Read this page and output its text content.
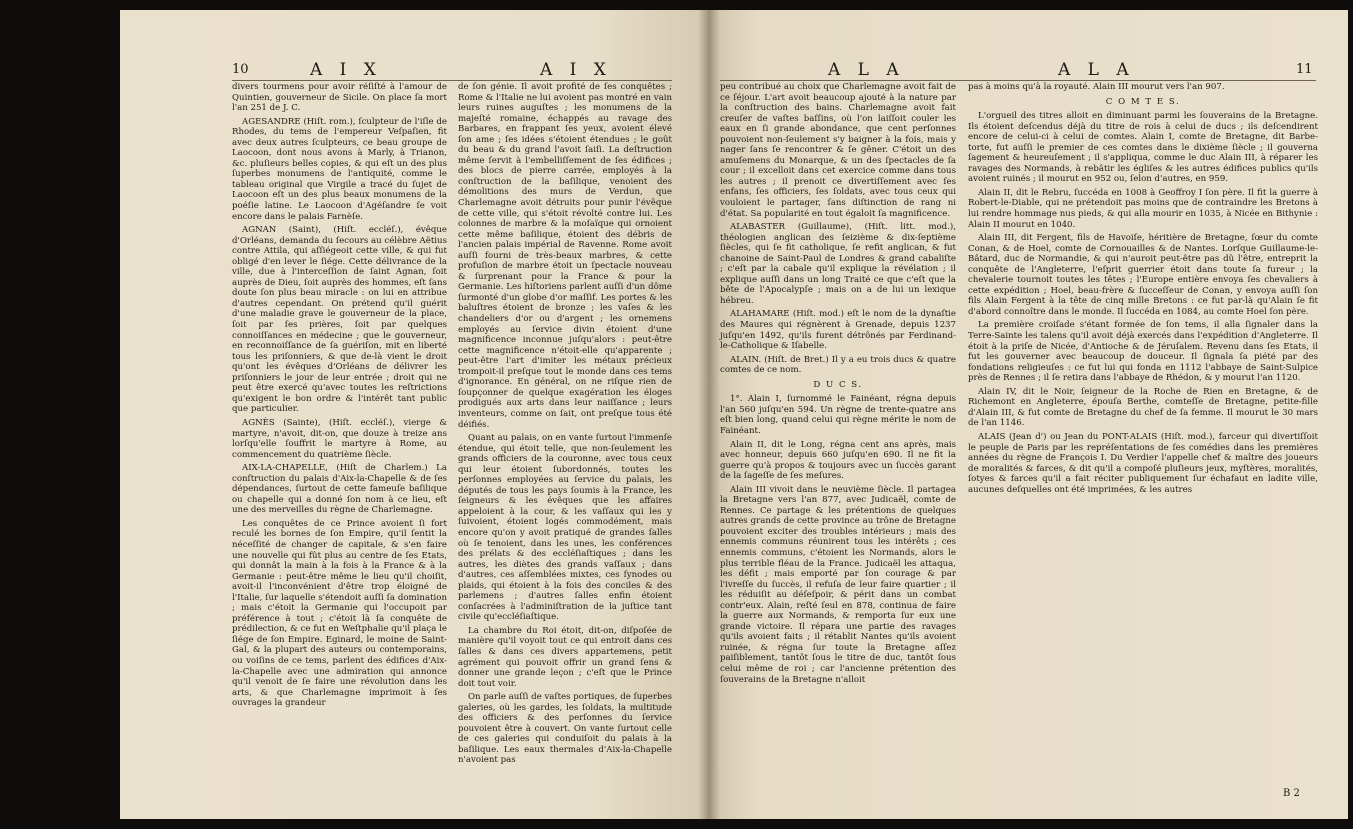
10	A I X	A I X

divers tourmens pour avoir réſiſté à l'amour de Quintien, gouverneur de Sicile. On place ſa mort l'an 251 de J. C.

AGESANDRE (Hiſt. rom.), ſculpteur de l'iſle de Rhodes, du tems de l'empereur Veſpaſien, fit avec deux autres ſculpteurs, ce beau groupe de Laocoon, dont nous avons à Marly, à Trianon, &c. pluſieurs belles copies, & qui eſt un des plus ſuperbes monumens de l'antiquité, comme le tableau original que Virgile a tracé du ſujet de Laocoon eſt un des plus beaux monumens de la poéſie latine. Le Laocoon d'Agéſandre ſe voit encore dans le palais Farnèſe.

AGNAN (Saint), (Hiſt. eccléſ.), évêque d'Orléans, demanda du ſecours au célèbre Aëtius contre Attila, qui aſſiégeoit cette ville, & qui fut obligé d'en lever le ſiége. Cette délivrance de la ville, due à l'interceſſion de ſaint Agnan, ſoit auprès de Dieu, ſoit auprès des hommes, eſt ſans doute ſon plus beau miracle : on lui en attribue d'autres cependant. On prétend qu'il guérit d'une maladie grave le gouverneur de la place, ſoit par ſes prières, ſoit par quelques connoiſſances en médecine ; que le gouverneur, en reconnoiſſance de ſa guériſon, mit en liberté tous les priſonniers, & que de-là vient le droit qu'ont les évêques d'Orléans de délivrer les priſonniers le jour de leur entrée ; droit qui ne peut être exercé qu'avec toutes les reſtrictions qu'exigent le bon ordre & l'intérêt tant public que particulier.

AGNÈS (Sainte), (Hiſt. eccléſ.), vierge & martyre, n'avoit, dit-on, que douze à treize ans lorſqu'elle ſouffrit le martyre à Rome, au commencement du quatrième ſiècle.

AIX-LA-CHAPELLE, (Hiſt de Charlem.) La conſtruction du palais d'Aix-la-Chapelle & de ſes dépendances, ſurtout de cette fameuſe baſilique ou chapelle qui a donné ſon nom à ce lieu, eſt une des merveilles du règne de Charlemagne.

Les conquêtes de ce Prince avoient ſi fort reculé les bornes de ſon Empire, qu'il ſentit la néceſſité de changer de capitale, & s'en faire une nouvelle qui fût plus au centre de ſes Etats, qui donnât la main à la fois à la France & à la Germanie : peut-être même le lieu qu'il choiſit, avoit-il l'inconvénient d'être trop éloigné de l'Italie, ſur laquelle s'étendoit auſſi ſa domination ; mais c'étoit la Germanie qui l'occupoit par préférence à tout ; c'étoit là ſa conquête de prédilection, & ce fut en Weſtphalie qu'il plaça le ſiége de ſon Empire. Eginard, le moine de Saint-Gal, & la plupart des auteurs ou contemporains, ou voiſins de ce tems, parlent des édifices d'Aix-la-Chapelle avec une admiration qui annonce qu'il venoit de ſe faire une révolution dans les arts, & que Charlemagne imprimoit à ſes ouvrages la grandeur

de ſon génie. Il avoit profité de ſes conquêtes ; Rome & l'Italie ne lui avoient pas montré en vain leurs ruines auguſtes ; les monumens de la majeſté romaine, échappés au ravage des Barbares, en frappant ſes yeux, avoient élevé ſon ame ; ſes idées s'étoient étendues ; le goût du beau & du grand l'avoit ſaiſi. La deſtruction même ſervit à l'embelliſſement de ſes édifices ; des blocs de pierre carrée, employés à la conſtruction de la baſilique, venoient des démolitions des murs de Verdun, que Charlemagne avoit détruits pour punir l'évêque de cette ville, qui s'étoit révolté contre lui. Les colonnes de marbre & la moſaïque qui ornoient cette même baſilique, étoient des débris de l'ancien palais impérial de Ravenne. Rome avoit auſſi fourni de très-beaux marbres, & cette profuſion de marbre étoit un ſpectacle nouveau & ſurprenant pour la France & pour la Germanie. Les hiſtoriens parlent auſſi d'un dôme ſurmonté d'un globe d'or maſſif. Les portes & les baluſtres étoient de bronze ; les vaſes & les chandeliers d'or ou d'argent ; les ornemens employés au ſervice divin étoient d'une magnificence inconnue juſqu'alors : peut-être cette magnificence n'étoit-elle qu'apparente ; peut-être l'art d'imiter les métaux précieux trompoit-il preſque tout le monde dans ces tems d'ignorance. En général, on ne riſque rien de ſoupçonner de quelque exagération les éloges prodigués aux arts dans leur naiſſance ; leurs inventeurs, comme on ſait, ont preſque tous été déifiés.

Quant au palais, on en vante ſurtout l'immenſe étendue, qui étoit telle, que non-ſeulement les grands officiers de la couronne, avec tous ceux qui leur étoient ſubordonnés, toutes les perſonnes employées au ſervice du palais, les députés de tous les pays ſoumis à la France, les ſeigneurs & les évêques que les affaires appeloient à la cour, & les vaſſaux qui les y ſuivoient, étoient logés commodément, mais encore qu'on y avoit pratiqué de grandes ſalles où ſe tenoient, dans les unes, les conférences des prélats & des eccléſiaſtiques ; dans les autres, les diètes des grands vaſſaux ; dans d'autres, ces aſſemblées mixtes, ces ſynodes ou plaids, qui étoient à la fois des conciles & des parlemens ; d'autres ſalles enfin étoient conſacrées à l'adminiſtration de la juſtice tant civile qu'eccléſiaſtique.

La chambre du Roi étoit, dit-on, diſpoſée de manière qu'il voyoit tout ce qui entroit dans ces ſalles & dans ces divers appartemens, petit agrément qui pouvoit offrir un grand ſens & donner une grande leçon ; c'eſt que le Prince doit tout voir.

On parle auſſi de vaſtes portiques, de ſuperbes galeries, où les gardes, les ſoldats, la multitude des officiers & des perſonnes du ſervice pouvoient être à couvert. On vante ſurtout celle de ces galeries qui conduiſoit du palais à la baſilique. Les eaux thermales d'Aix-la-Chapelle n'avoient pas

A L A	A L A	11

peu contribué au choix que Charlemagne avoit fait de ce ſéjour. L'art avoit beaucoup ajouté à la nature par la conſtruction des bains. Charlemagne avoit fait creuſer de vaſtes baſſins, où l'on laiſſoit couler les eaux en ſi grande abondance, que cent perſonnes pouvoient non-ſeulement s'y baigner à la fois, mais y nager ſans ſe rencontrer & ſe gêner. C'étoit un des amuſemens du Monarque, & un des ſpectacles de ſa cour ; il excelloit dans cet exercice comme dans tous les autres ; il prenoit ce divertiſſement avec ſes enfans, ſes officiers, ſes ſoldats, avec tous ceux qui vouloient le partager, ſans diſtinction de rang ni d'état. Sa popularité en tout égaloit ſa magnificence.

ALABASTER (Guillaume), (Hiſt. litt. mod.), théologien anglican des ſeizième & dix-ſeptième ſiècles, qui ſe fit catholique, ſe refit anglican, & fut chanoine de Saint-Paul de Londres & grand cabaliſte ; c'eſt par la cabale qu'il explique la révélation ; il explique auſſi dans un long Traité ce que c'eſt que la bête de l'Apocalypſe ; mais on a de lui un lexique hébreu.

ALAHAMARE (Hiſt. mod.) eſt le nom de la dynaſtie des Maures qui régnèrent à Grenade, depuis 1237 juſqu'en 1492, qu'ils furent détrônés par Ferdinand-le-Catholique & Iſabelle.

ALAIN. (Hiſt. de Bret.) Il y a eu trois ducs & quatre comtes de ce nom.

D U C S.

1°. Alain I, ſurnommé le Fainéant, régna depuis l'an 560 juſqu'en 594. Un règne de trente-quatre ans eſt bien long, quand celui qui règne mérite le nom de Fainéant.

Alain II, dit le Long, régna cent ans après, mais avec honneur, depuis 660 juſqu'en 690. Il ne fit la guerre qu'à propos & toujours avec un ſuccès garant de la ſageſſe de ſes meſures.

Alain III vivoit dans le neuvième ſiècle. Il partagea la Bretagne vers l'an 877, avec Judicaël, comte de Rennes. Ce partage & les prétentions de quelques autres grands de cette province au trône de Bretagne pouvoient exciter des troubles intérieurs ; mais des ennemis communs réunirent tous les intérêts ; ces ennemis communs, c'étoient les Normands, alors le plus terrible fléau de la France. Judicaël les attaqua, les défit ; mais emporté par ſon courage & par l'ivreſſe du ſuccès, il refuſa de leur faire quartier ; il les réduiſit au déſeſpoir, & périt dans un combat contr'eux. Alain, reſté ſeul en 878, continua de faire la guerre aux Normands, & remporta ſur eux une grande victoire. Il répara une partie des ravages qu'ils avoient faits ; il rétablit Nantes qu'ils avoient ruinée, & régna ſur toute la Bretagne aſſez paiſiblement, tantôt ſous le titre de duc, tantôt ſous celui même de roi ; car l'ancienne prétention des ſouverains de la Bretagne n'alloit

pas à moins qu'à la royauté. Alain III mourut vers l'an 907.

C O M T E S.

L'orgueil des titres alloit en diminuant parmi les ſouverains de la Bretagne. Ils étoient deſcendus déjà du titre de rois à celui de ducs ; ils deſcendirent encore de celui-ci à celui de comtes. Alain I, comte de Bretagne, dit Barbe-torte, fut auſſi le premier de ces comtes dans le dixième ſiècle ; il gouverna ſagement & heureuſement ; il s'appliqua, comme le duc Alain III, à réparer les ravages des Normands, à rebâtir les égliſes & les autres édifices publics qu'ils avoient ruinés ; il mourut en 952 ou, ſelon d'autres, en 959.

Alain II, dit le Rebru, ſuccéda en 1008 à Geoffroy I ſon père. Il fit la guerre à Robert-le-Diable, qui ne prétendoit pas moins que de contraindre les Bretons à lui rendre hommage nus pieds, & qui alla mourir en 1035, à Nicée en Bithynie : Alain II mourut en 1040.

Alain III, dit Fergent, fils de Havoiſe, héritière de Bretagne, ſœur du comte Conan, & de Hoel, comte de Cornouailles & de Nantes. Lorſque Guillaume-le-Bâtard, duc de Normandie, & qui n'auroit peut-être pas dû l'être, entreprit la conquête de l'Angleterre, l'eſprit guerrier étoit dans toute ſa fureur ; la chevalerie tournoit toutes les têtes ; l'Europe entière envoya ſes chevaliers à cette expédition ; Hoel, beau-frère & ſucceſſeur de Conan, y envoya auſſi ſon fils Alain Fergent à la tête de cinq mille Bretons : ce fut par-là qu'Alain ſe fit d'abord connoître dans le monde. Il ſuccéda en 1084, au comte Hoel ſon père.

La première croiſade s'étant formée de ſon tems, il alla ſignaler dans la Terre-Sainte les talens qu'il avoit déjà exercés dans l'expédition d'Angleterre. Il étoit à la priſe de Nicée, d'Antioche & de Jéruſalem. Revenu dans ſes Etats, il fut les gouverner avec beaucoup de douceur. Il ſignala ſa piété par des fondations religieuſes : ce fut lui qui fonda en 1112 l'abbaye de Saint-Sulpice près de Rennes ; il ſe retira dans l'abbaye de Rhédon, & y mourut l'an 1120.

Alain IV, dit le Noir, ſeigneur de la Roche de Rien en Bretagne, & de Richemont en Angleterre, épouſa Berthe, comteſſe de Bretagne, petite-fille d'Alain III, & fut comte de Bretagne du chef de ſa femme. Il mourut le 30 mars de l'an 1146.

ALAIS (Jean d') ou Jean du PONT-ALAIS (Hiſt. mod.), farceur qui divertiſſoit le peuple de Paris par les repréſentations de ſes comédies dans les premières années du règne de François I. Du Verdier l'appelle chef & maître des joueurs de moralités & farces, & dit qu'il a compoſé pluſieurs jeux, myſtères, moralités, ſotyes & farces qu'il a fait réciter publiquement ſur échafaut en ladite ville, aucunes deſquelles ont été imprimées, & les autres

B 2
